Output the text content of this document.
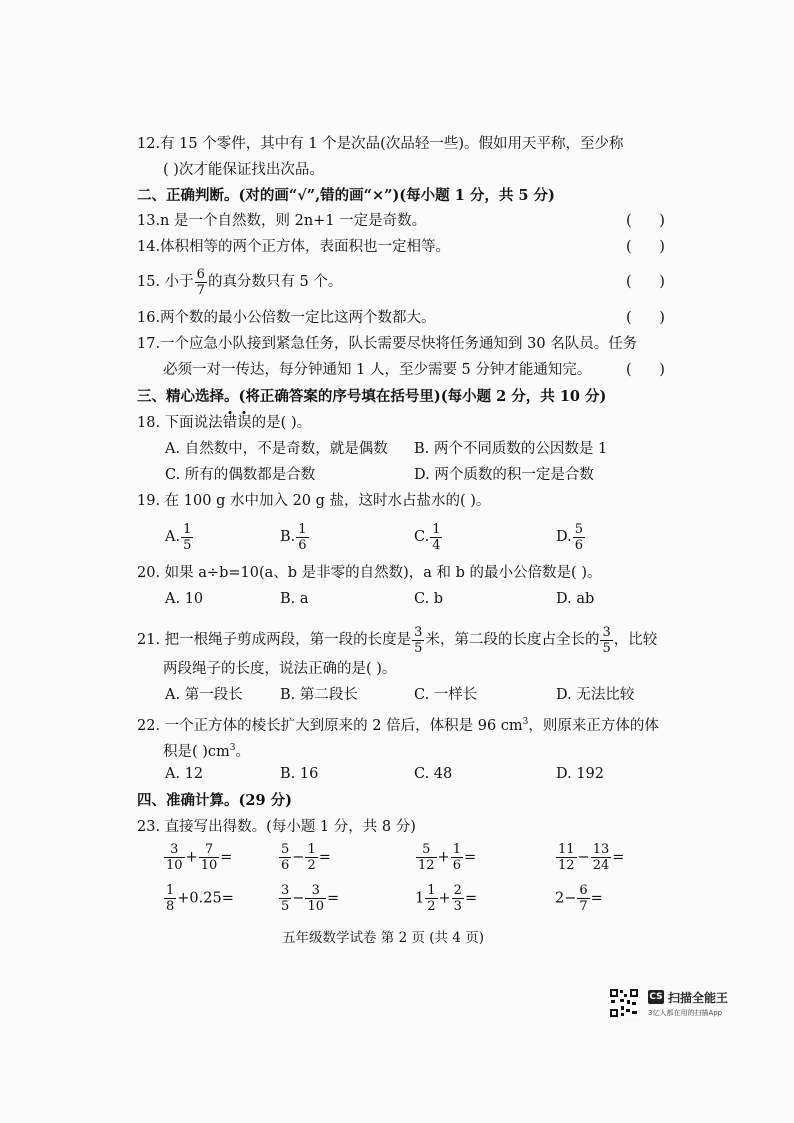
12.有 15 个零件，其中有 1 个是次品(次品轻一些)。假如用天平称，至少称
( )次才能保证找出次品。
二、正确判断。(对的画“√”,错的画“×”)(每小题 1 分，共 5 分)
13.n 是一个自然数，则 2n+1 一定是奇数。	(      )
14.体积相等的两个正方体，表面积也一定相等。	(      )
15. 小于 $\frac{6}{7}$ 的真分数只有 5 个。	(      )
16.两个数的最小公倍数一定比这两个数都大。	(      )
17.一个应急小队接到紧急任务，队长需要尽快将任务通知到 30 名队员。任务
必须一对一传达，每分钟通知 1 人，至少需要 5 分钟才能通知完。 (      )
三、精心选择。(将正确答案的序号填在括号里)(每小题 2 分，共 10 分)
18. 下面说法错误的是( )。
A. 自然数中，不是奇数，就是偶数 B. 两个不同质数的公因数是 1
C. 所有的偶数都是合数	D. 两个质数的积一定是合数
19. 在 100 g 水中加入 20 g 盐，这时水占盐水的( )。
A. $\frac{1}{5}$	B. $\frac{1}{6}$	C. $\frac{1}{4}$	D. $\frac{5}{6}$
20. 如果 a÷b=10(a、b 是非零的自然数)，a 和 b 的最小公倍数是( )。
A. 10	B. a	C. b	D. ab
21. 把一根绳子剪成两段，第一段的长度是 $\frac{3}{5}$ 米，第二段的长度占全长的 $\frac{3}{5}$ ，比较
两段绳子的长度，说法正确的是( )。
A. 第一段长	B. 第二段长	C. 一样长	D. 无法比较
22. 一个正方体的棱长扩大到原来的 2 倍后，体积是 96 $cm^3$，则原来正方体的体
积是( )$cm^3$。
A. 12	B. 16	C. 48	D. 192
四、准确计算。(29 分)
23. 直接写出得数。(每小题 1 分，共 8 分)
$\frac{3}{10} + \frac{7}{10}$ =	$\frac{5}{6} - \frac{1}{2}$ =	$\frac{5}{12} + \frac{1}{6}$ =	$\frac{11}{12} - \frac{13}{24}$ =
$\frac{1}{8} +0.25=$	$\frac{3}{5} - \frac{3}{10}$ =	$1 \frac{1}{2} + \frac{2}{3}$ =	$2- \frac{6}{7}$ =
五年级数学试卷 第 2 页 (共 4 页)
CS 扫描全能王
3亿人都在用的扫描App
